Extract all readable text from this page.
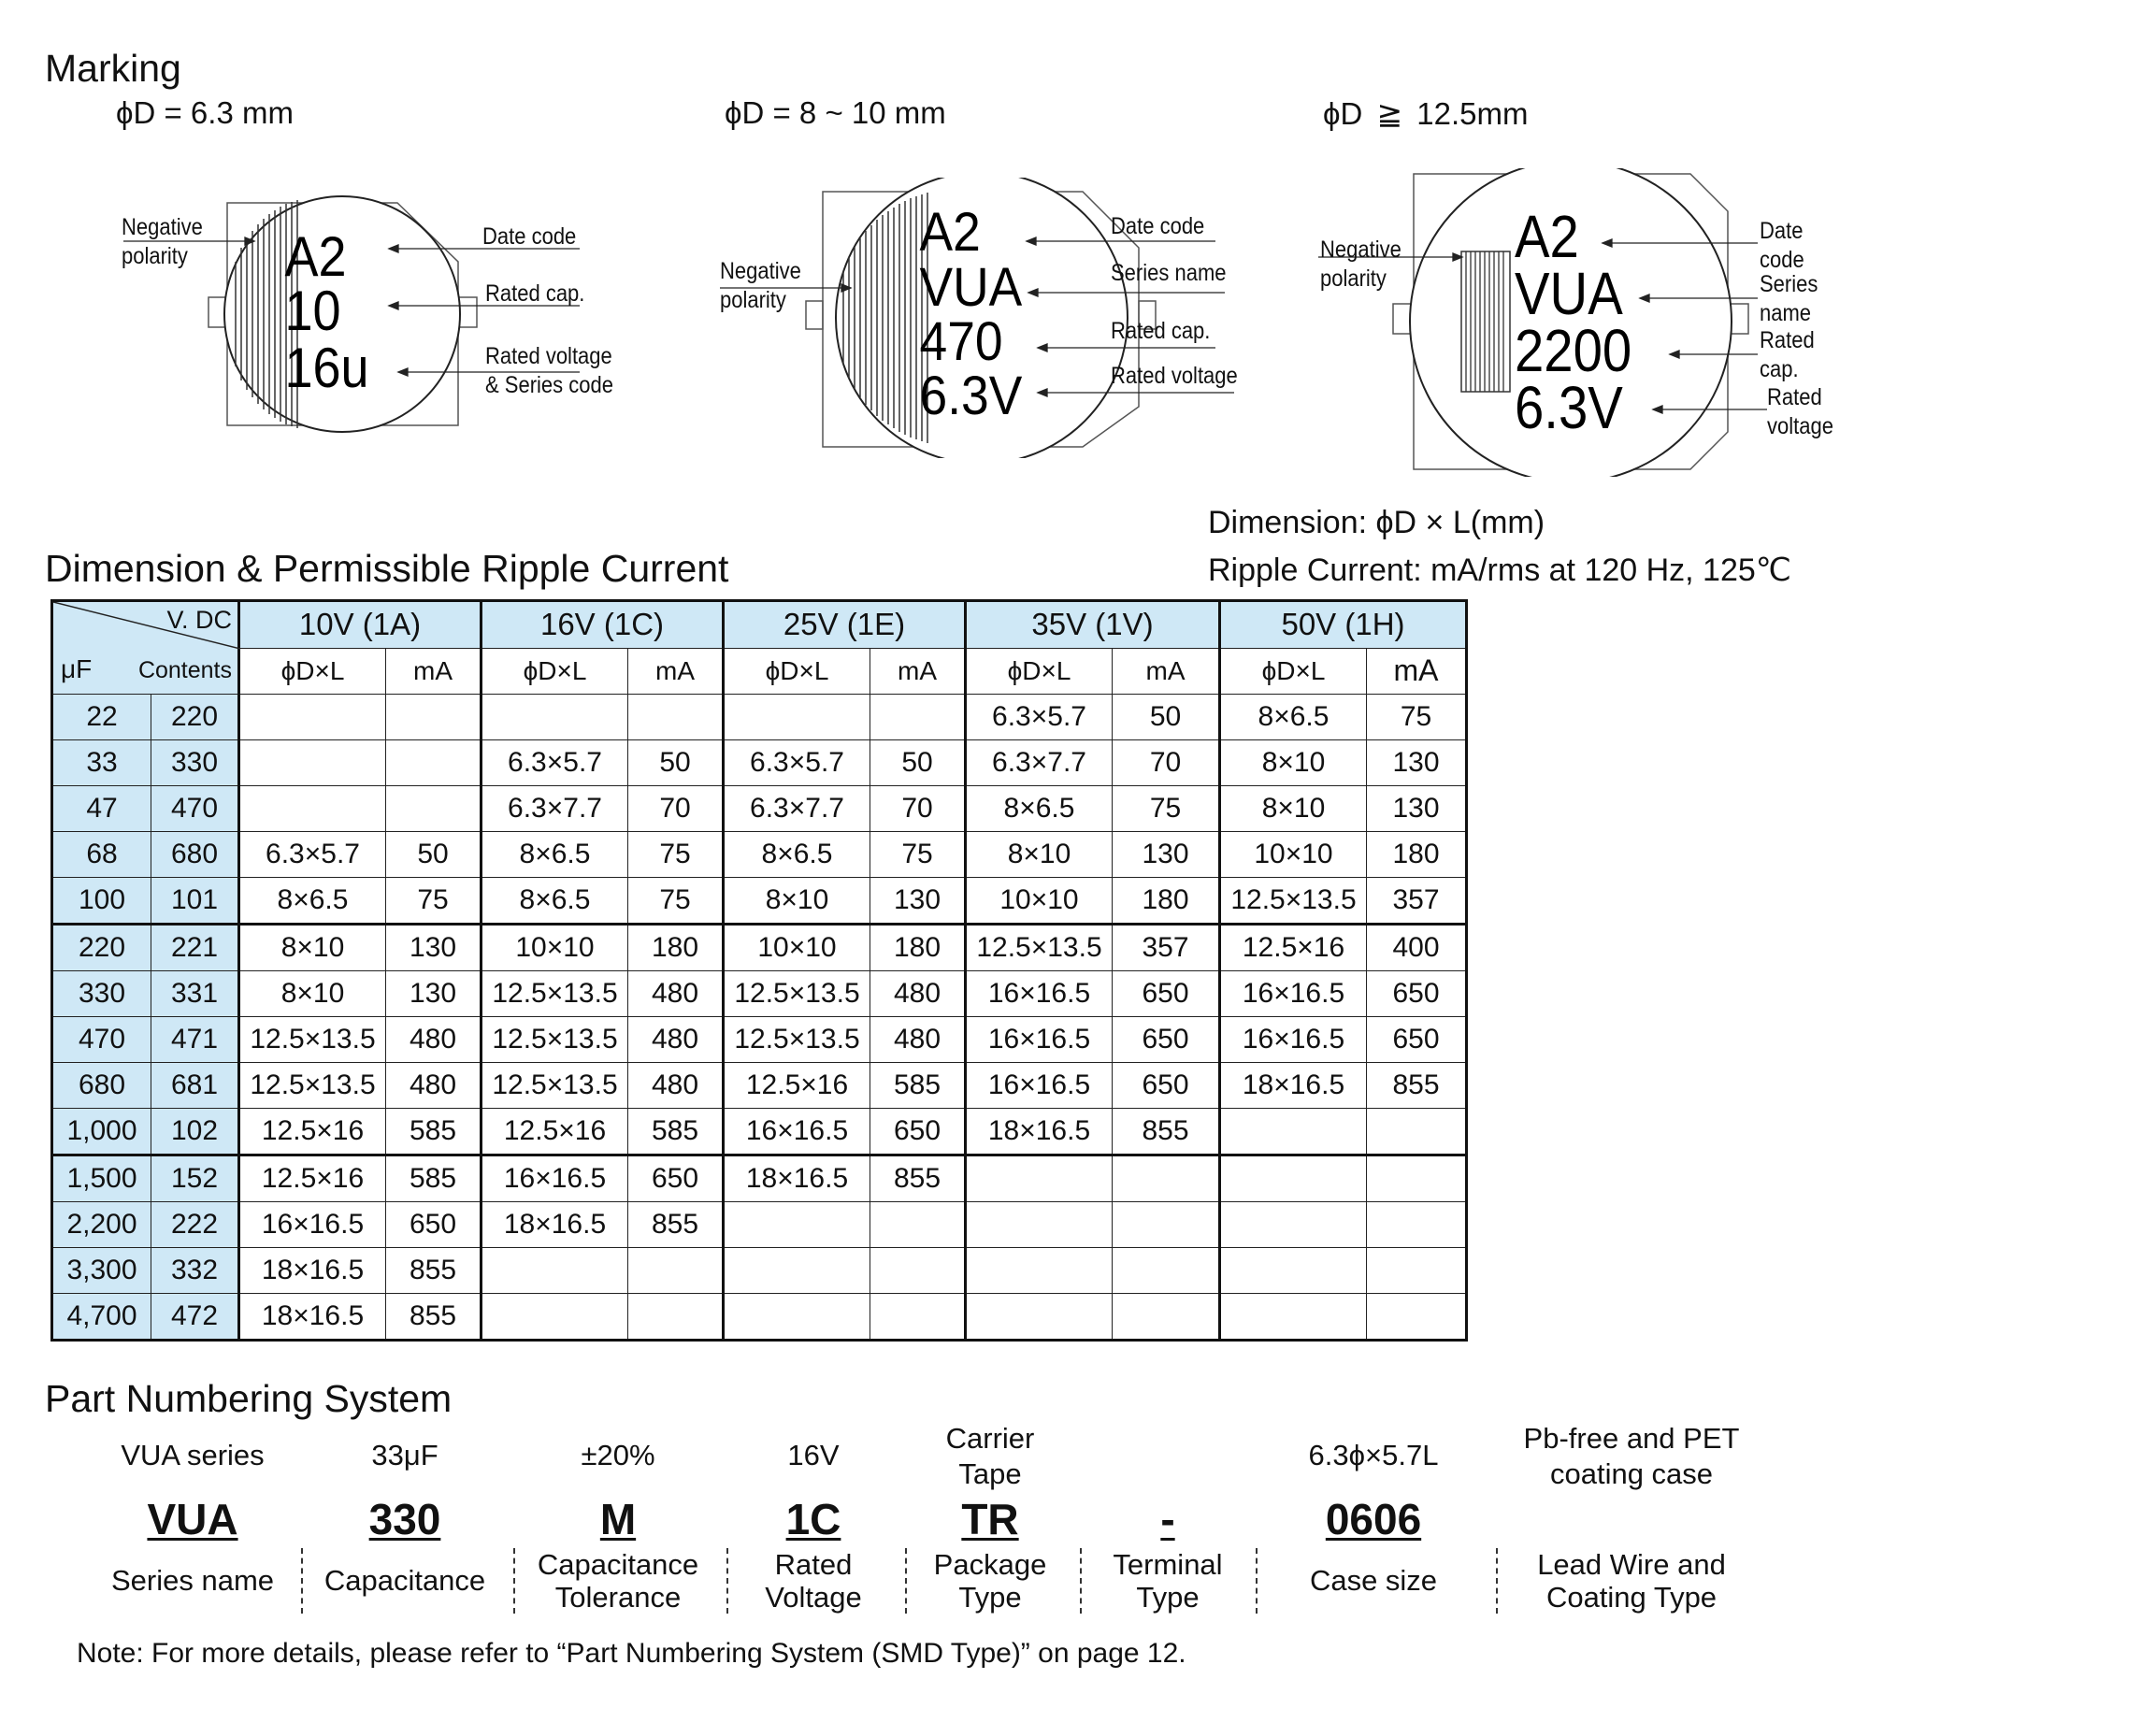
Marking
ϕD = 6.3 mm	ϕD = 8 ~ 10 mm	ϕD ≧ 12.5mm
A2
10
16u
Negative
polarity
Date code
Rated cap.
Rated voltage
& Series code
A2
VUA
470
6.3V
Negative
polarity
Date code
Series name
Rated cap.
Rated voltage
A2
VUA
2200
6.3V
Negative
polarity
Date
code
Series
name
Rated
cap.
Rated
voltage
Dimension & Permissible Ripple Current
Dimension: ϕD × L(mm)
Ripple Current: mA/rms at 120 Hz, 125℃
V. DC
μF Contents		10V (1A)		16V (1C)		25V (1E)		35V (1V)		50V (1H)	
		ϕD×L	mA	ϕD×L	mA	ϕD×L	mA	ϕD×L	mA	ϕD×L	mA
22	220							6.3×5.7	50	8×6.5	75
33	330			6.3×5.7	50	6.3×5.7	50	6.3×7.7	70	8×10	130
47	470			6.3×7.7	70	6.3×7.7	70	8×6.5	75	8×10	130
68	680	6.3×5.7	50	8×6.5	75	8×6.5	75	8×10	130	10×10	180
100	101	8×6.5	75	8×6.5	75	8×10	130	10×10	180	12.5×13.5	357
220	221	8×10	130	10×10	180	10×10	180	12.5×13.5	357	12.5×16	400
330	331	8×10	130	12.5×13.5	480	12.5×13.5	480	16×16.5	650	16×16.5	650
470	471	12.5×13.5	480	12.5×13.5	480	12.5×13.5	480	16×16.5	650	16×16.5	650
680	681	12.5×13.5	480	12.5×13.5	480	12.5×16	585	16×16.5	650	18×16.5	855
1,000	102	12.5×16	585	12.5×16	585	16×16.5	650	18×16.5	855		
1,500	152	12.5×16	585	16×16.5	650	18×16.5	855				
2,200	222	16×16.5	650	18×16.5	855						
3,300	332	18×16.5	855								
4,700	472	18×16.5	855								
Part Numbering System
VUA series
VUA
Series name
33μF
330
Capacitance
±20%
M
Capacitance
Tolerance
16V
1C
Rated
Voltage
Carrier
Tape
TR
Package
Type
-
Terminal
Type
6.3ϕ×5.7L
0606
Case size
Pb-free and PET
coating case
Lead Wire and
Coating Type
Note: For more details, please refer to “Part Numbering System (SMD Type)” on page 12.
